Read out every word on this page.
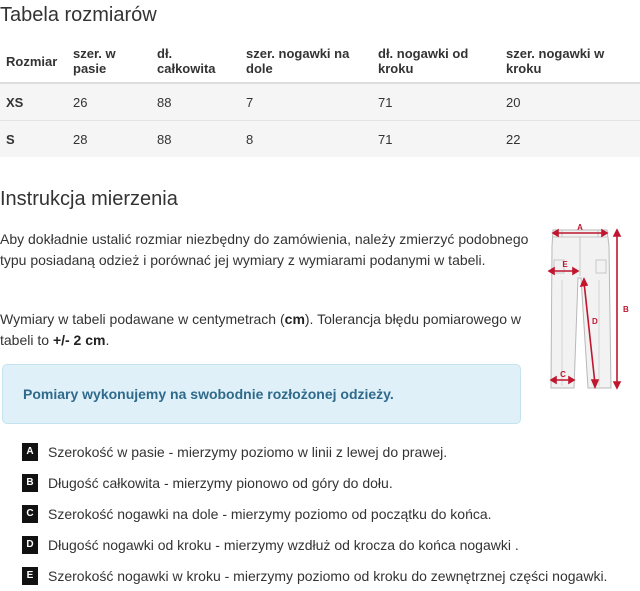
Tabela rozmiarów
Rozmiar	szer. w pasie	dł. całkowita	szer. nogawki na dole	dł. nogawki od kroku	szer. nogawki w kroku
XS	26	88	7	71	20
S	28	88	8	71	22
Instrukcja mierzenia

Aby dokładnie ustalić rozmiar niezbędny do zamówienia, należy zmierzyć podobnego typu posiadaną odzież i porównać jej wymiary z wymiarami podanymi w tabeli.

Wymiary w tabeli podawane w centymetrach (cm). Tolerancja błędu pomiarowego w tabeli to +/- 2 cm.

Pomiary wykonujemy na swobodnie rozłożonej odzieży.
A	Szerokość w pasie - mierzymy poziomo w linii z lewej do prawej.
B	Długość całkowita - mierzymy pionowo od góry do dołu.
C	Szerokość nogawki na dole - mierzymy poziomo od początku do końca.
D	Długość nogawki od kroku - mierzymy wzdłuż od krocza do końca nogawki .
E	Szerokość nogawki w kroku - mierzymy poziomo od kroku do zewnętrznej części nogawki.
A
B
E
D
C
